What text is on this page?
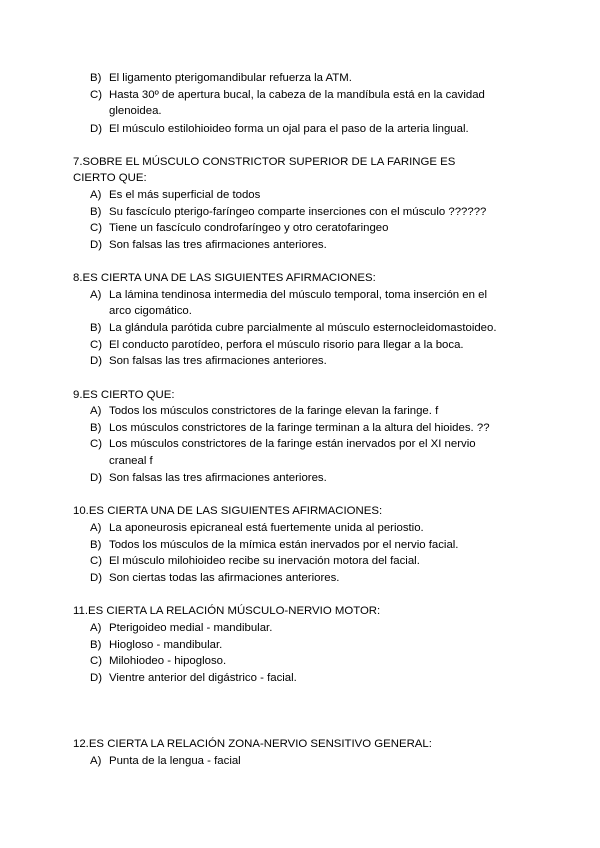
B) El ligamento pterigomandibular refuerza la ATM.
C) Hasta 30º de apertura bucal, la cabeza de la mandíbula está en la cavidad
glenoidea.
D) El músculo estilohioideo forma un ojal para el paso de la arteria lingual.
7.SOBRE EL MÚSCULO CONSTRICTOR SUPERIOR DE LA FARINGE ES
CIERTO QUE:
A) Es el más superficial de todos
B) Su fascículo pterigo-faríngeo comparte inserciones con el músculo ??????
C) Tiene un fascículo condrofaríngeo y otro ceratofaringeo
D) Son falsas las tres afirmaciones anteriores.
8.ES CIERTA UNA DE LAS SIGUIENTES AFIRMACIONES:
A) La lámina tendinosa intermedia del músculo temporal, toma inserción en el
arco cigomático.
B) La glándula parótida cubre parcialmente al músculo esternocleidomastoideo.
C) El conducto parotídeo, perfora el músculo risorio para llegar a la boca.
D) Son falsas las tres afirmaciones anteriores.
9.ES CIERTO QUE:
A) Todos los músculos constrictores de la faringe elevan la faringe. f
B) Los músculos constrictores de la faringe terminan a la altura del hioides. ??
C) Los músculos constrictores de la faringe están inervados por el XI nervio
craneal f
D) Son falsas las tres afirmaciones anteriores.
10.ES CIERTA UNA DE LAS SIGUIENTES AFIRMACIONES:
A) La aponeurosis epicraneal está fuertemente unida al periostio.
B) Todos los músculos de la mímica están inervados por el nervio facial.
C) El músculo milohioideo recibe su inervación motora del facial.
D) Son ciertas todas las afirmaciones anteriores.
11.ES CIERTA LA RELACIÓN MÚSCULO-NERVIO MOTOR:
A) Pterigoideo medial - mandibular.
B) Hiogloso - mandibular.
C) Milohiodeo - hipogloso.
D) Vientre anterior del digástrico - facial.
12.ES CIERTA LA RELACIÓN ZONA-NERVIO SENSITIVO GENERAL:
A) Punta de la lengua - facial
